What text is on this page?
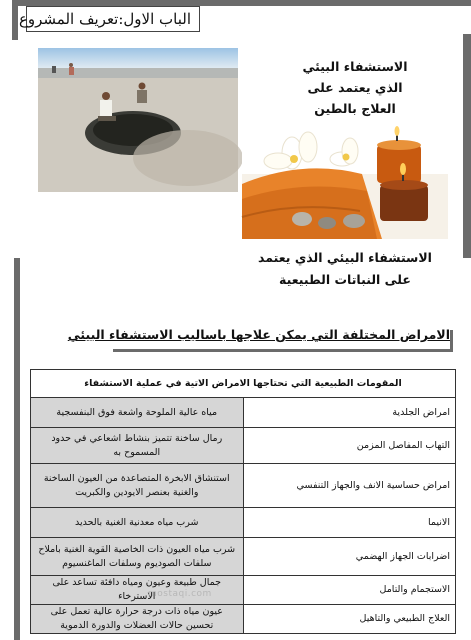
الباب الاول:تعريف المشروع
الاستشفاء البيئي
الذي يعتمد على
العلاج بالطين
الاستشفاء البيئي الذي يعتمد
على النباتات الطبيعية
الامراض المختلفة التي يمكن علاجها باساليب الاستشفاء البيئي
المقومات الطبيعية التي تحتاجها الامراض الاتية في عملية الاستشفاء	
امراض الجلدية	مياه عالية الملوحة واشعة فوق البنفسجية
التهاب المفاصل المزمن	رمال ساخنة تتميز بنشاط اشعاعي في حدود المسموح به
امراض حساسية الانف والجهاز التنفسي	استنشاق الابخرة المتصاعدة من العيون الساخنة والغنية بعنصر الايودين والكبريت
الانيما	شرب مياه معدنية الغنية بالحديد
اضرابات الجهاز الهضمي	شرب مياه العيون ذات الخاصية القوية الغنية باملاح سلفات الصوديوم وسلفات الماغنسيوم
الاستجمام والتامل	جمال طبيعة وعيون ومياه دافئة تساعد على الاسترخاء
العلاج الطبيعي والتاهيل	عيون مياه ذات درجة حرارة عالية تعمل على تحسين حالات العضلات والدورة الدموية
mostaqi.com
